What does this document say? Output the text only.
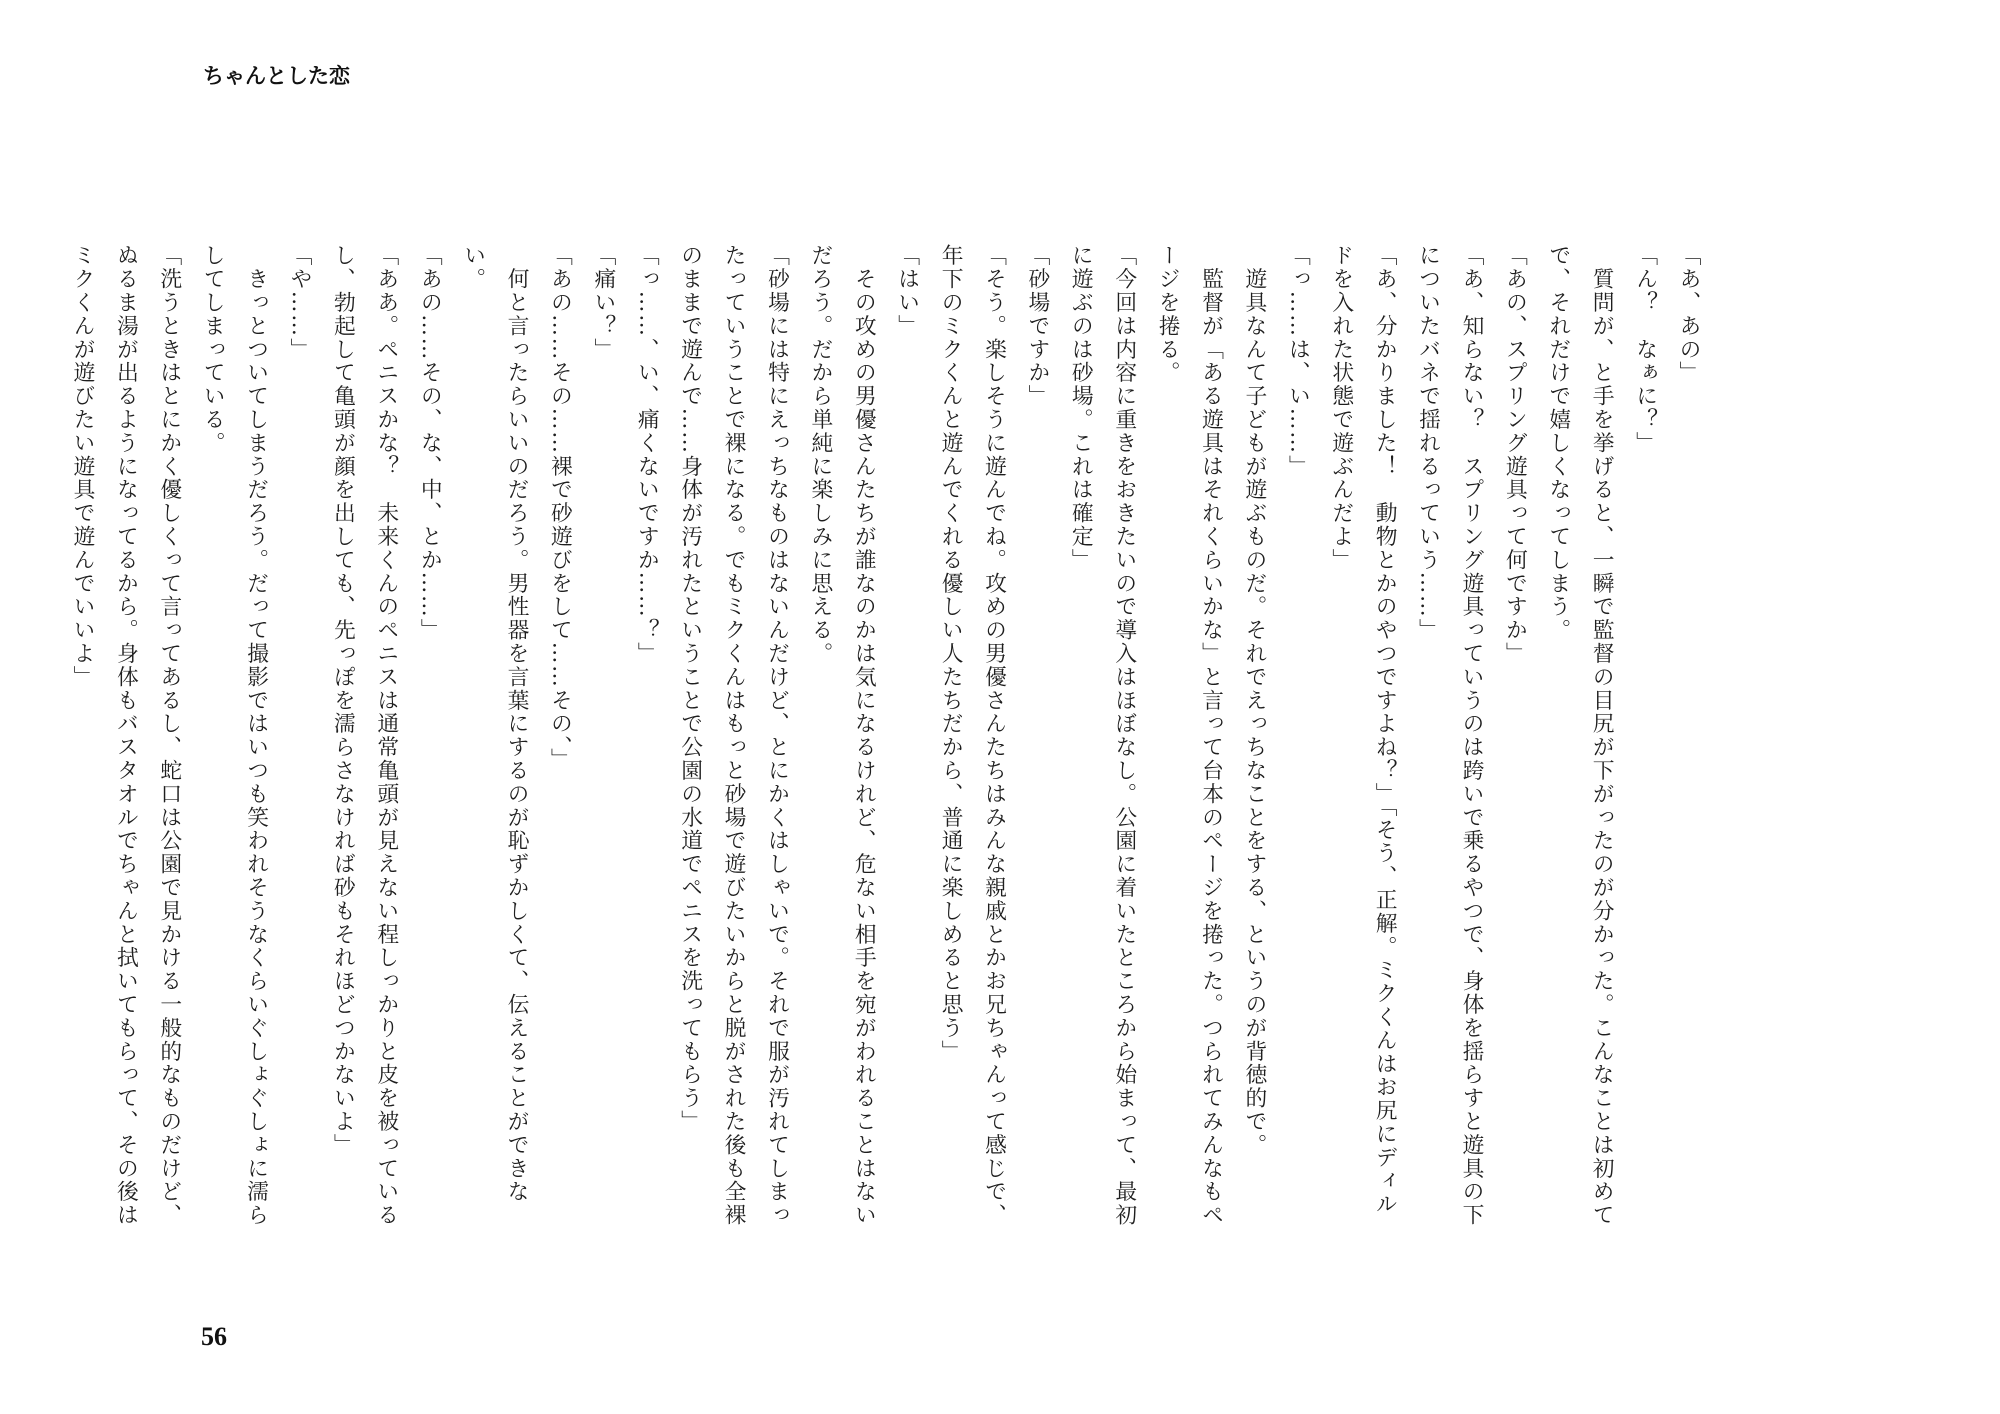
ちゃんとした恋

「あ、あの」

「ん？　なぁに？」

　質問が、と手を挙げると、一瞬で監督の目尻が下がったのが分かった。こんなことは初めてで、それだけで嬉しくなってしまう。

「あの、スプリング遊具って何ですか」

「あ、知らない？　スプリング遊具っていうのは跨いで乗るやつで、身体を揺らすと遊具の下についたバネで揺れるっていう……」

「あ、分かりました！　動物とかのやつですよね？」「そう、正解。ミクくんはお尻にディルドを入れた状態で遊ぶんだよ」

「っ……は、い……」

　遊具なんて子どもが遊ぶものだ。それでえっちなことをする、というのが背徳的で。

　監督が「ある遊具はそれくらいかな」と言って台本のページを捲った。つられてみんなもページを捲る。

「今回は内容に重きをおきたいので導入はほぼなし。公園に着いたところから始まって、最初に遊ぶのは砂場。これは確定」

「砂場ですか」

「そう。楽しそうに遊んでね。攻めの男優さんたちはみんな親戚とかお兄ちゃんって感じで、年下のミクくんと遊んでくれる優しい人たちだから、普通に楽しめると思う」

「はい」

　その攻めの男優さんたちが誰なのかは気になるけれど、危ない相手を宛がわれることはないだろう。だから単純に楽しみに思える。

「砂場には特にえっちなものはないんだけど、とにかくはしゃいで。それで服が汚れてしまったっていうことで裸になる。でもミクくんはもっと砂場で遊びたいからと脱がされた後も全裸のままで遊んで……身体が汚れたということで公園の水道でペニスを洗ってもらう」

「っ……、い、痛くないですか……？」

「痛い？」

「あの……その……裸で砂遊びをして……その、」

　何と言ったらいいのだろう。男性器を言葉にするのが恥ずかしくて、伝えることができない。

「あの……その、な、中、とか……」

「ああ。ペニスかな？　未来くんのペニスは通常亀頭が見えない程しっかりと皮を被っているし、勃起して亀頭が顔を出しても、先っぽを濡らさなければ砂もそれほどつかないよ」

「や……」

　きっとついてしまうだろう。だって撮影ではいつも笑われそうなくらいぐしょぐしょに濡らしてしまっている。

「洗うときはとにかく優しくって言ってあるし、蛇口は公園で見かける一般的なものだけど、ぬるま湯が出るようになってるから。身体もバスタオルでちゃんと拭いてもらって、その後はミクくんが遊びたい遊具で遊んでいいよ」

56
